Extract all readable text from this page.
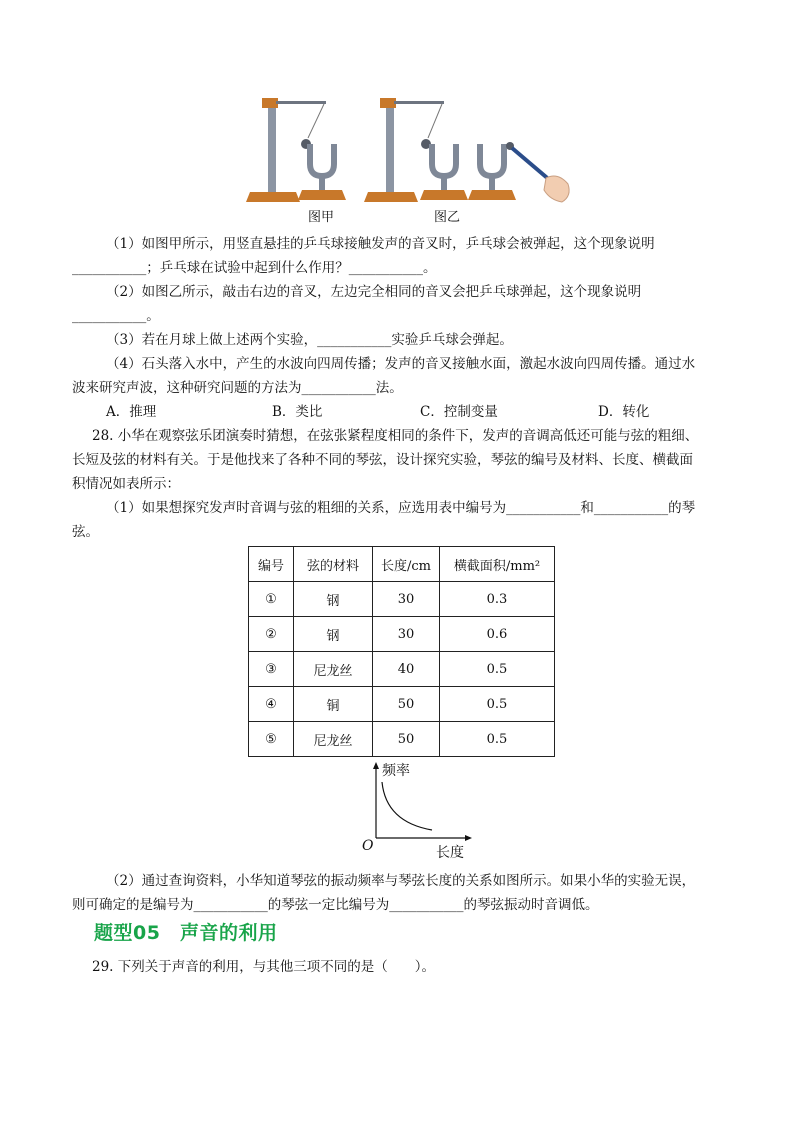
图甲	图乙
（1）如图甲所示，用竖直悬挂的乒乓球接触发声的音叉时，乒乓球会被弹起，这个现象说明
___________；乒乓球在试验中起到什么作用？___________。
（2）如图乙所示，敲击右边的音叉，左边完全相同的音叉会把乒乓球弹起，这个现象说明
___________。
（3）若在月球上做上述两个实验，___________实验乒乓球会弹起。
（4）石头落入水中，产生的水波向四周传播；发声的音叉接触水面，激起水波向四周传播。通过水
波来研究声波，这种研究问题的方法为___________法。
A．推理	B．类比	C．控制变量	D．转化
28. 小华在观察弦乐团演奏时猜想，在弦张紧程度相同的条件下，发声的音调高低还可能与弦的粗细、
长短及弦的材料有关。于是他找来了各种不同的琴弦，设计探究实验，琴弦的编号及材料、长度、横截面
积情况如表所示：
（1）如果想探究发声时音调与弦的粗细的关系，应选用表中编号为___________和___________的琴
弦。
编号	弦的材料	长度/cm	横截面积/mm²
①	钢	30	0.3
②	钢	30	0.6
③	尼龙丝	40	0.5
④	铜	50	0.5
⑤	尼龙丝	50	0.5
频率
长度
O
（2）通过查询资料，小华知道琴弦的振动频率与琴弦长度的关系如图所示。如果小华的实验无误，
则可确定的是编号为___________的琴弦一定比编号为___________的琴弦振动时音调低。
题型05　声音的利用
29. 下列关于声音的利用，与其他三项不同的是（　　）。
